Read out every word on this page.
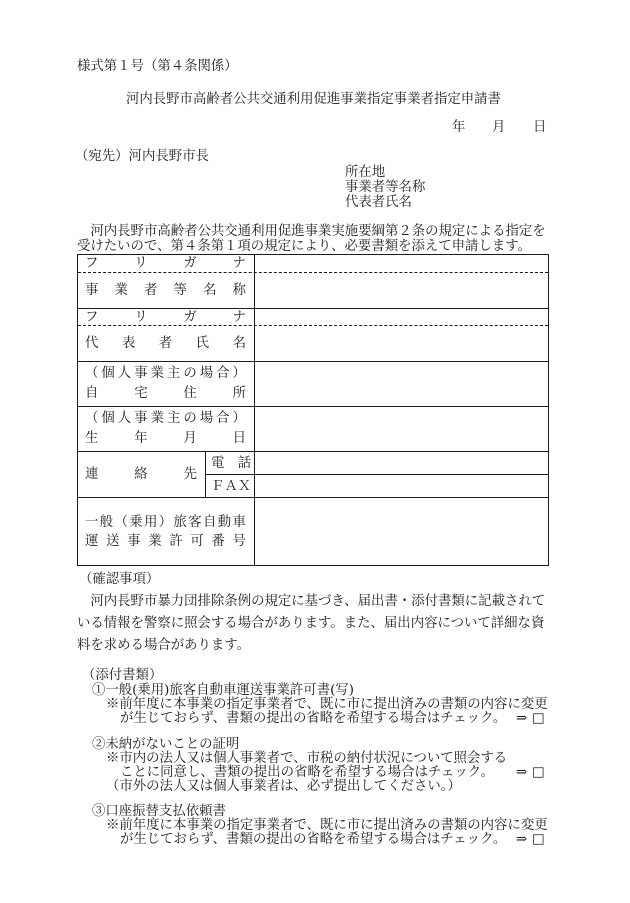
様式第１号（第４条関係）
河内長野市高齢者公共交通利用促進事業指定事業者指定申請書
年 月 日
（宛先）河内長野市長
所在地
事業者等名称
代表者氏名
　河内長野市高齢者公共交通利用促進事業実施要綱第２条の規定による指定を
受けたいので、第４条第１項の規定により、必要書類を添えて申請します。
フ	リ	ガ	ナ
事 業 者 等 名 称
フ	リ	ガ	ナ
代 表 者 氏 名
（ 個 人 事 業 主 の 場 合 ）
自	宅	住	所
（ 個 人 事 業 主 の 場 合 ）
生	年	月	日
連	絡	先
電 話
Ｆ Ａ Ｘ
一 般 （ 乗 用 ） 旅 客 自 動 車
運 送 事 業 許 可 番 号
（確認事項）
　河内長野市暴力団排除条例の規定に基づき、届出書・添付書類に記載されて
いる情報を警察に照会する場合があります。また、届出内容について詳細な資
料を求める場合があります。
（添付書類）
①一般(乗用)旅客自動車運送事業許可書(写)
※前年度に本事業の指定事業者で、既に市に提出済みの書類の内容に変更
が生じておらず、書類の提出の省略を希望する場合はチェック。 ⇒ □
②未納がないことの証明
※市内の法人又は個人事業者で、市税の納付状況について照会する
ことに同意し、書類の提出の省略を希望する場合はチェック。 ⇒ □
（市外の法人又は個人事業者は、必ず提出してください。）
③口座振替支払依頼書
※前年度に本事業の指定事業者で、既に市に提出済みの書類の内容に変更
が生じておらず、書類の提出の省略を希望する場合はチェック。 ⇒ □
